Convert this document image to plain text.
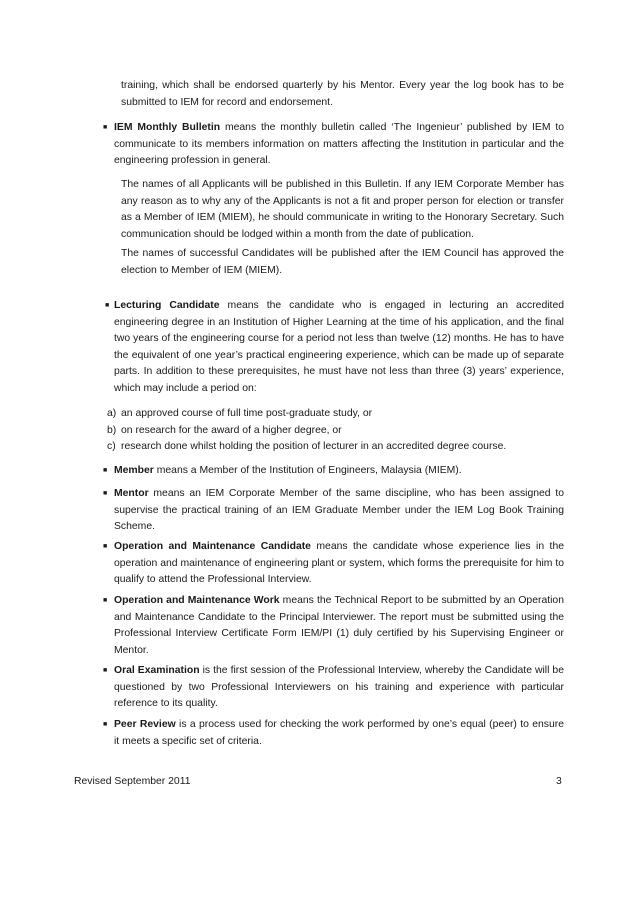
training, which shall be endorsed quarterly by his Mentor. Every year the log book has to be submitted to IEM for record and endorsement.
■ IEM Monthly Bulletin means the monthly bulletin called ‘The Ingenieur’ published by IEM to communicate to its members information on matters affecting the Institution in particular and the engineering profession in general.
The names of all Applicants will be published in this Bulletin. If any IEM Corporate Member has any reason as to why any of the Applicants is not a fit and proper person for election or transfer as a Member of IEM (MIEM), he should communicate in writing to the Honorary Secretary. Such communication should be lodged within a month from the date of publication.
The names of successful Candidates will be published after the IEM Council has approved the election to Member of IEM (MIEM).
■ Lecturing Candidate means the candidate who is engaged in lecturing an accredited engineering degree in an Institution of Higher Learning at the time of his application, and the final two years of the engineering course for a period not less than twelve (12) months. He has to have the equivalent of one year’s practical engineering experience, which can be made up of separate parts. In addition to these prerequisites, he must have not less than three (3) years’ experience, which may include a period on:
a) an approved course of full time post-graduate study, or
b) on research for the award of a higher degree, or
c) research done whilst holding the position of lecturer in an accredited degree course.
■ Member means a Member of the Institution of Engineers, Malaysia (MIEM).
■ Mentor means an IEM Corporate Member of the same discipline, who has been assigned to supervise the practical training of an IEM Graduate Member under the IEM Log Book Training Scheme.
■ Operation and Maintenance Candidate means the candidate whose experience lies in the operation and maintenance of engineering plant or system, which forms the prerequisite for him to qualify to attend the Professional Interview.
■ Operation and Maintenance Work means the Technical Report to be submitted by an Operation and Maintenance Candidate to the Principal Interviewer. The report must be submitted using the Professional Interview Certificate Form IEM/PI (1) duly certified by his Supervising Engineer or Mentor.
■ Oral Examination is the first session of the Professional Interview, whereby the Candidate will be questioned by two Professional Interviewers on his training and experience with particular reference to its quality.
■ Peer Review is a process used for checking the work performed by one’s equal (peer) to ensure it meets a specific set of criteria.
Revised September 2011	3
